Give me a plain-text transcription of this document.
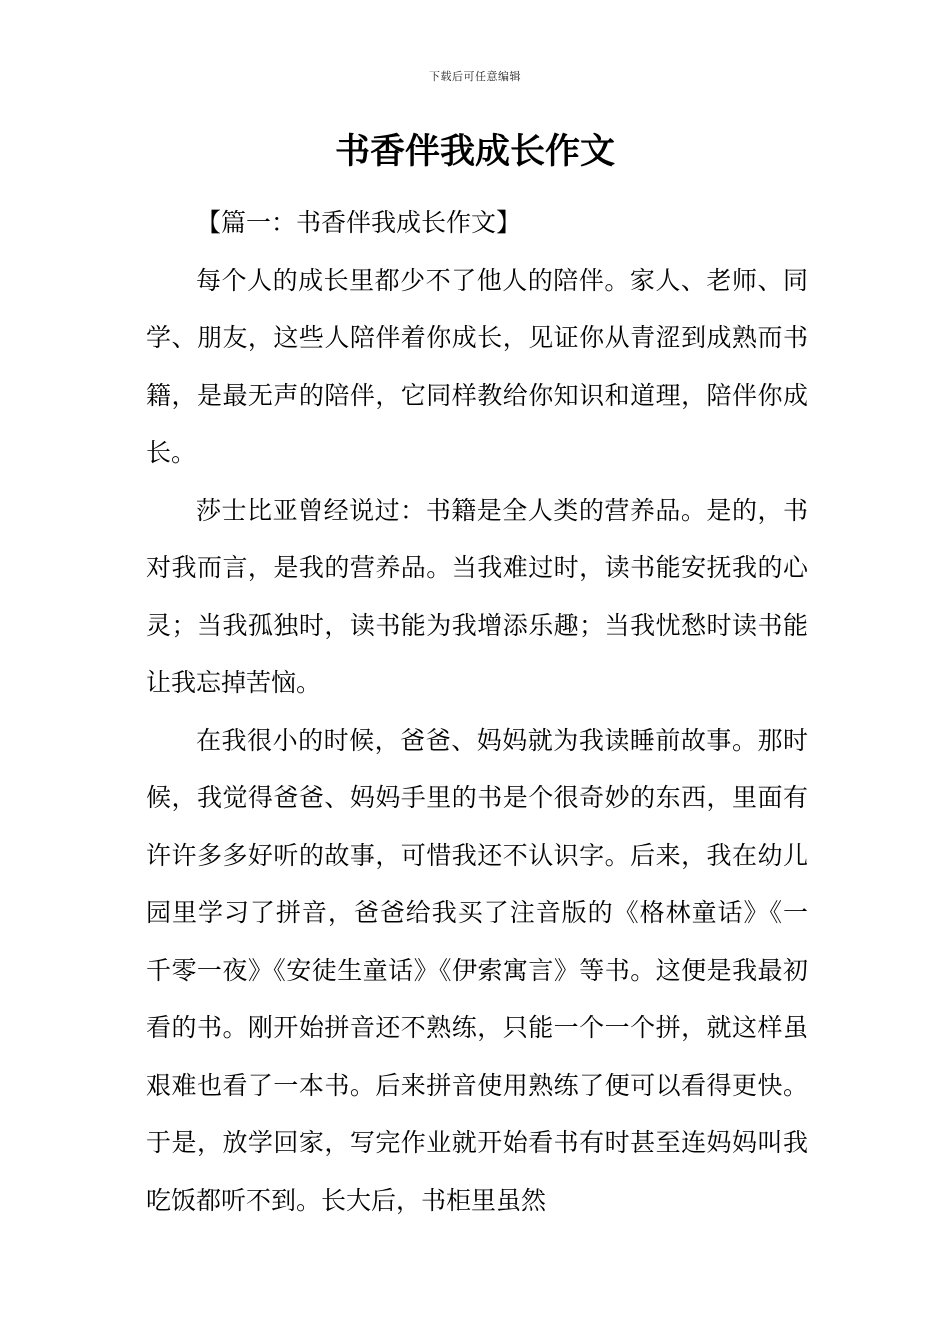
下载后可任意编辑
书香伴我成长作文

【篇一：书香伴我成长作文】

每个人的成长里都少不了他人的陪伴。家人、老师、同学、朋友，这些人陪伴着你成长，见证你从青涩到成熟而书籍，是最无声的陪伴，它同样教给你知识和道理，陪伴你成长。

莎士比亚曾经说过：书籍是全人类的营养品。是的，书对我而言，是我的营养品。当我难过时，读书能安抚我的心灵；当我孤独时，读书能为我增添乐趣；当我忧愁时读书能让我忘掉苦恼。

在我很小的时候，爸爸、妈妈就为我读睡前故事。那时候，我觉得爸爸、妈妈手里的书是个很奇妙的东西，里面有许许多多好听的故事，可惜我还不认识字。后来，我在幼儿园里学习了拼音，爸爸给我买了注音版的《格林童话》《一千零一夜》《安徒生童话》《伊索寓言》等书。这便是我最初看的书。刚开始拼音还不熟练，只能一个一个拼，就这样虽艰难也看了一本书。后来拼音使用熟练了便可以看得更快。于是，放学回家，写完作业就开始看书有时甚至连妈妈叫我吃饭都听不到。长大后，书柜里虽然
